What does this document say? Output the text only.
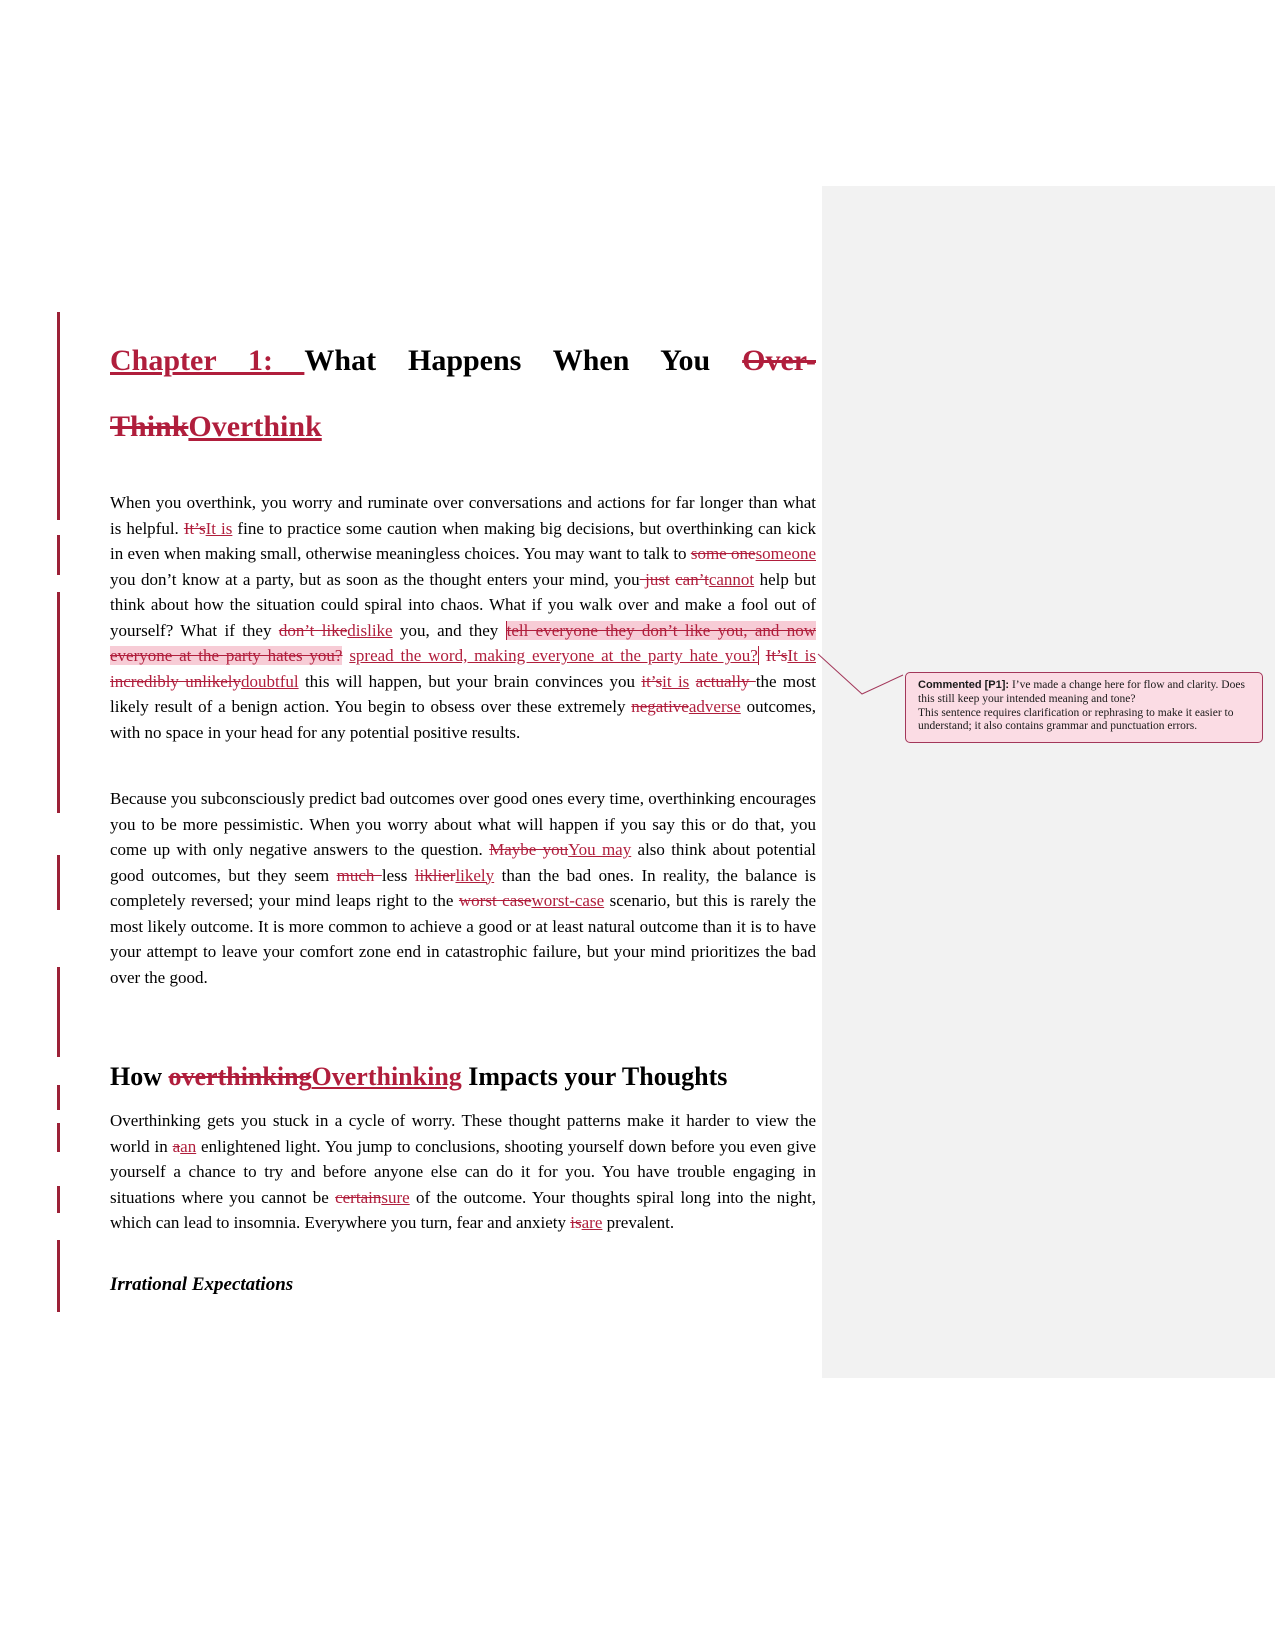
Chapter 1: What Happens When You Over-
ThinkOverthink
When you overthink, you worry and ruminate over conversations and actions for far longer than what is helpful. It’sIt is fine to practice some caution when making big decisions, but overthinking can kick in even when making small, otherwise meaningless choices. You may want to talk to some onesomeone you don’t know at a party, but as soon as the thought enters your mind, you just can’tcannot help but think about how the situation could spiral into chaos. What if you walk over and make a fool out of yourself? What if they don’t likedislike you, and they tell everyone they don’t like you, and now everyone at the party hates you? spread the word, making everyone at the party hate you? It’sIt is incredibly unlikelydoubtful this will happen, but your brain convinces you it’sit is actually the most likely result of a benign action. You begin to obsess over these extremely negativeadverse outcomes, with no space in your head for any potential positive results.
Because you subconsciously predict bad outcomes over good ones every time, overthinking encourages you to be more pessimistic. When you worry about what will happen if you say this or do that, you come up with only negative answers to the question. Maybe youYou may also think about potential good outcomes, but they seem much less liklierlikely than the bad ones. In reality, the balance is completely reversed; your mind leaps right to the worst caseworst-case scenario, but this is rarely the most likely outcome. It is more common to achieve a good or at least natural outcome than it is to have your attempt to leave your comfort zone end in catastrophic failure, but your mind prioritizes the bad over the good.
How overthinkingOverthinking Impacts your Thoughts
Overthinking gets you stuck in a cycle of worry. These thought patterns make it harder to view the world in aan enlightened light. You jump to conclusions, shooting yourself down before you even give yourself a chance to try and before anyone else can do it for you. You have trouble engaging in situations where you cannot be certainsure of the outcome. Your thoughts spiral long into the night, which can lead to insomnia. Everywhere you turn, fear and anxiety isare prevalent.
Irrational Expectations

Commented [P1]: I’ve made a change here for flow and clarity. Does this still keep your intended meaning and tone?

This sentence requires clarification or rephrasing to make it easier to understand; it also contains grammar and punctuation errors.
